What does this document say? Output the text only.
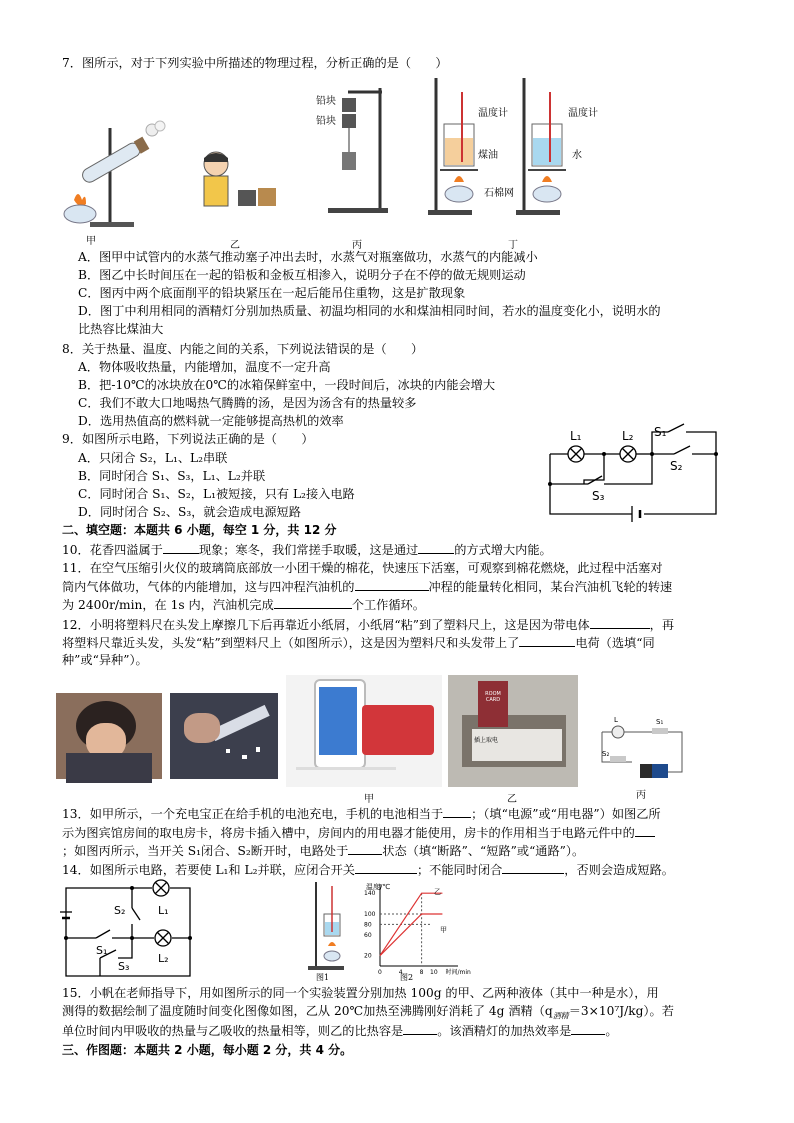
7．图所示，对于下列实验中所描述的物理过程，分析正确的是（　　）
甲	乙
铅块
铅块
丙
温度计	温度计
煤油	水
石棉网
丁
A．图甲中试管内的水蒸气推动塞子冲出去时，水蒸气对瓶塞做功，水蒸气的内能减小
B．图乙中长时间压在一起的铅板和金板互相渗入，说明分子在不停的做无规则运动
C．图丙中两个底面削平的铅块紧压在一起后能吊住重物，这是扩散现象
D．图丁中利用相同的酒精灯分别加热质量、初温均相同的水和煤油相同时间，若水的温度变化小，说明水的
比热容比煤油大
8．关于热量、温度、内能之间的关系，下列说法错误的是（　　）
A．物体吸收热量，内能增加，温度不一定升高
B．把-10℃的冰块放在0℃的冰箱保鲜室中，一段时间后，冰块的内能会增大
C．我们不敢大口地喝热气腾腾的汤，是因为汤含有的热量较多
D．选用热值高的燃料就一定能够提高热机的效率
9．如图所示电路，下列说法正确的是（　　）
A．只闭合 S₂，L₁、L₂串联
B．同时闭合 S₁、S₃，L₁、L₂并联
C．同时闭合 S₁、S₂，L₁被短接，只有 L₂接入电路
D．同时闭合 S₂、S₃，就会造成电源短路
L₁	L₂ S₁
S₂
S₃
二、填空题：本题共 6 小题，每空 1 分，共 12 分
10．花香四溢属于	现象；寒冬，我们常搓手取暖，这是通过	的方式增大内能。
11．在空气压缩引火仪的玻璃筒底部放一小团干燥的棉花，快速压下活塞，可观察到棉花燃烧，此过程中活塞对
筒内气体做功，气体的内能增加，这与四冲程汽油机的	冲程的能量转化相同，某台汽油机飞轮的转速
为 2400r/min，在 1s 内，汽油机完成	个工作循环。
12．小明将塑料尺在头发上摩擦几下后再靠近小纸屑，小纸屑“粘”到了塑料尺上，这是因为带电体	，再
将塑料尺靠近头发，头发“粘”到塑料尺上（如图所示），这是因为塑料尺和头发带上了	电荷（选填“同
种”或“异种”）。
ROOM CARD
插上取电
L	S₁
S₂
甲	乙	丙
13．如甲所示，一个充电宝正在给手机的电池充电，手机的电池相当于 ；（填“电源”或“用电器”）如图乙所
示为图宾馆房间的取电房卡，将房卡插入槽中，房间内的用电器才能使用，房卡的作用相当于电路元件中的
；如图丙所示，当开关 S₁闭合、S₂断开时，电路处于	状态（填“断路”、“短路”或“通路”）。
14．如图所示电路，若要使 L₁和 L₂并联，应闭合开关	；不能同时闭合	，否则会造成短路。
S₂	L₁
S₁
L₂
S₃
图1
140
100
80
60
20
0	4	8 10 时间/min
温度/℃
乙
甲
图2
15．小帆在老师指导下，用如图所示的同一个实验装置分别加热 100g 的甲、乙两种液体（其中一种是水），用
测得的数据绘制了温度随时间变化图像如图，乙从 20℃加热至沸腾刚好消耗了 4g 酒精$(q_{酒精}=3\times 10^7J/kg)$。若
单位时间内甲吸收的热量与乙吸收的热量相等，则乙的比热容是	。该酒精灯的加热效率是	。
三、作图题：本题共 2 小题，每小题 2 分，共 4 分。
